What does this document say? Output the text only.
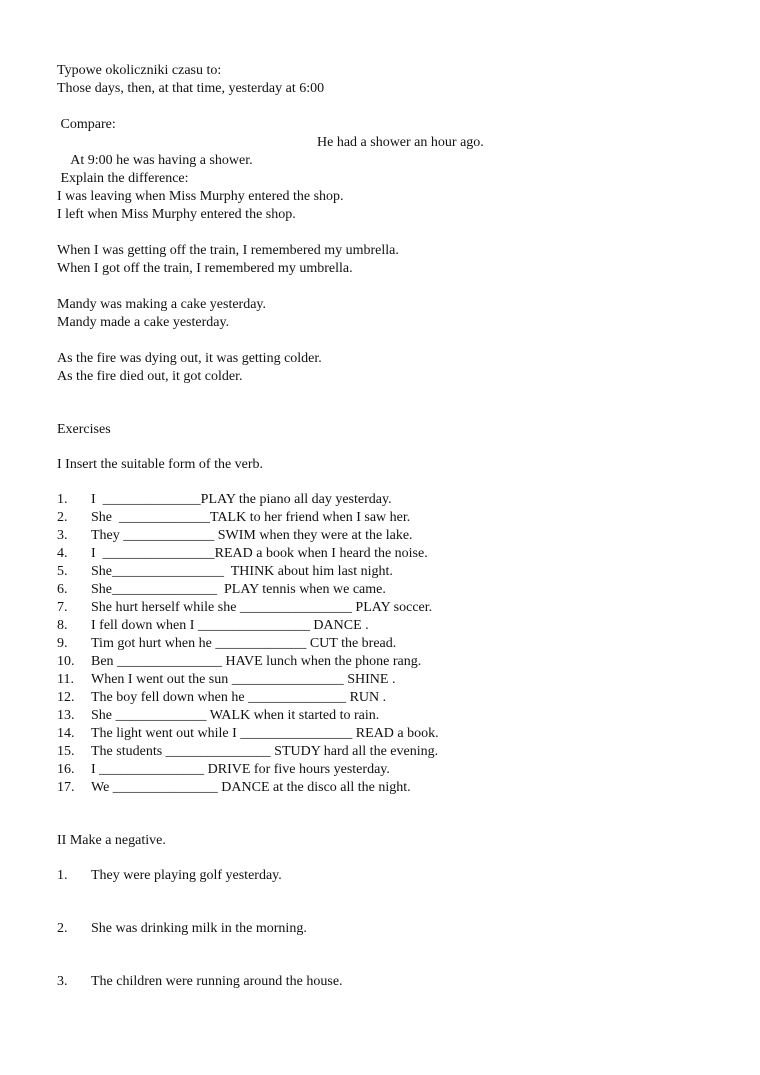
Typowe okoliczniki czasu to:
Those days, then, at that time, yesterday at 6:00
Compare:

At 9:00 he was having a shower.

He had a shower an hour ago.

Explain the difference:
I was leaving when Miss Murphy entered the shop.
I left when Miss Murphy entered the shop.
When I was getting off the train, I remembered my umbrella.
When I got off the train, I remembered my umbrella.
Mandy was making a cake yesterday.
Mandy made a cake yesterday.
As the fire was dying out, it was getting colder.
As the fire died out, it got colder.
Exercises
I Insert the suitable form of the verb.
1. I  ______________PLAY the piano all day yesterday.
2. She  _____________TALK to her friend when I saw her.
3. They _____________ SWIM when they were at the lake.
4. I  ________________READ a book when I heard the noise.
5. She________________  THINK about him last night.
6. She_______________  PLAY tennis when we came.
7. She hurt herself while she ________________ PLAY soccer.
8. I fell down when I ________________ DANCE .
9. Tim got hurt when he _____________ CUT the bread.
10. Ben _______________ HAVE lunch when the phone rang.
11. When I went out the sun ________________ SHINE .
12. The boy fell down when he ______________ RUN .
13. She _____________ WALK when it started to rain.
14. The light went out while I ________________ READ a book.
15. The students _______________ STUDY hard all the evening.
16. I _______________ DRIVE for five hours yesterday.
17. We _______________ DANCE at the disco all the night.
II Make a negative.
1. They were playing golf yesterday.
2. She was drinking milk in the morning.
3. The children were running around the house.
